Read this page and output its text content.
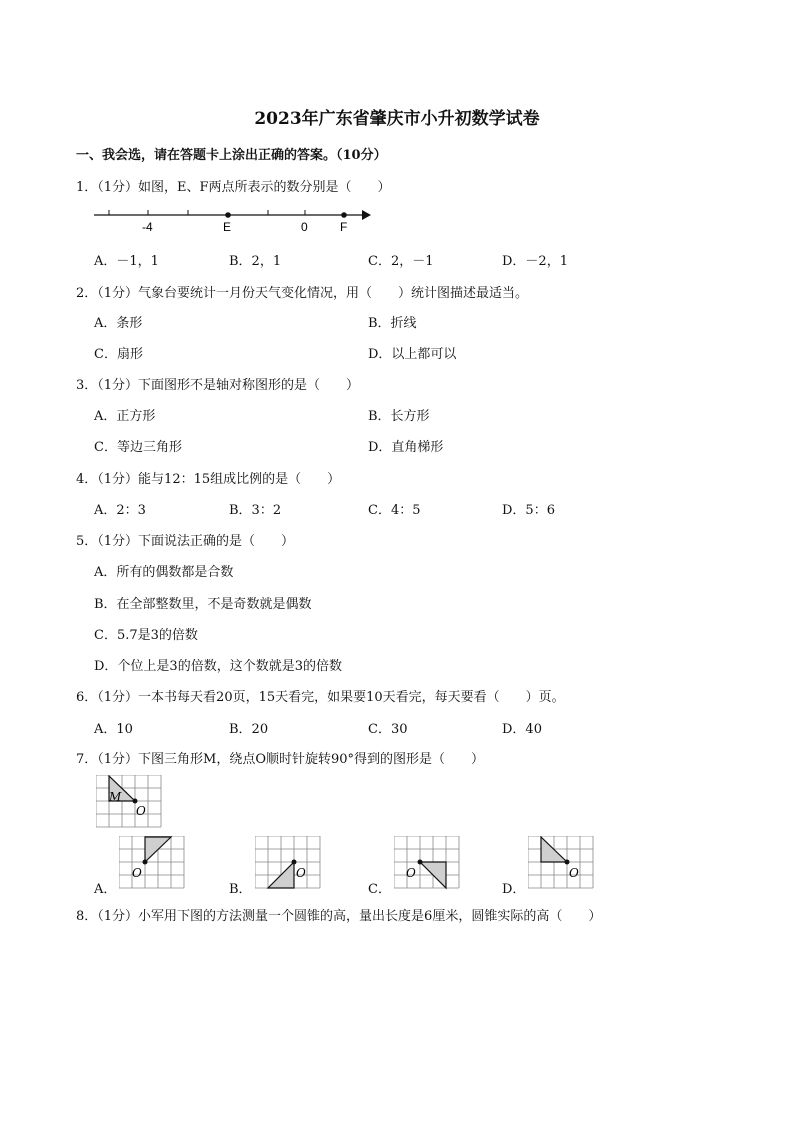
2023年广东省肇庆市小升初数学试卷
一、我会选，请在答题卡上涂出正确的答案。（10分）
1．（1分）如图，E、F两点所表示的数分别是（　　）
-4	E	0	F
A．－1，1	B．2，1	C．2，－1	D．－2，1
2．（1分）气象台要统计一月份天气变化情况，用（　　）统计图描述最适当。
A．条形	B．折线
C．扇形	D．以上都可以
3．（1分）下面图形不是轴对称图形的是（　　）
A．正方形	B．长方形
C．等边三角形	D．直角梯形
4．（1分）能与12：15组成比例的是（　　）
A．2：3	B．3：2	C．4：5	D．5：6
5．（1分）下面说法正确的是（　　）
A．所有的偶数都是合数
B．在全部整数里，不是奇数就是偶数
C．5.7是3的倍数
D．个位上是3的倍数，这个数就是3的倍数
6．（1分）一本书每天看20页，15天看完，如果要10天看完，每天要看（　　）页。
A．10	B．20	C．30	D．40
7．（1分）下图三角形M，绕点O顺时针旋转90°得到的图形是（　　）
M
O
A．
O
B．
O
C．
O
D．
O
8．（1分）小军用下图的方法测量一个圆锥的高，量出长度是6厘米，圆锥实际的高（　　）
